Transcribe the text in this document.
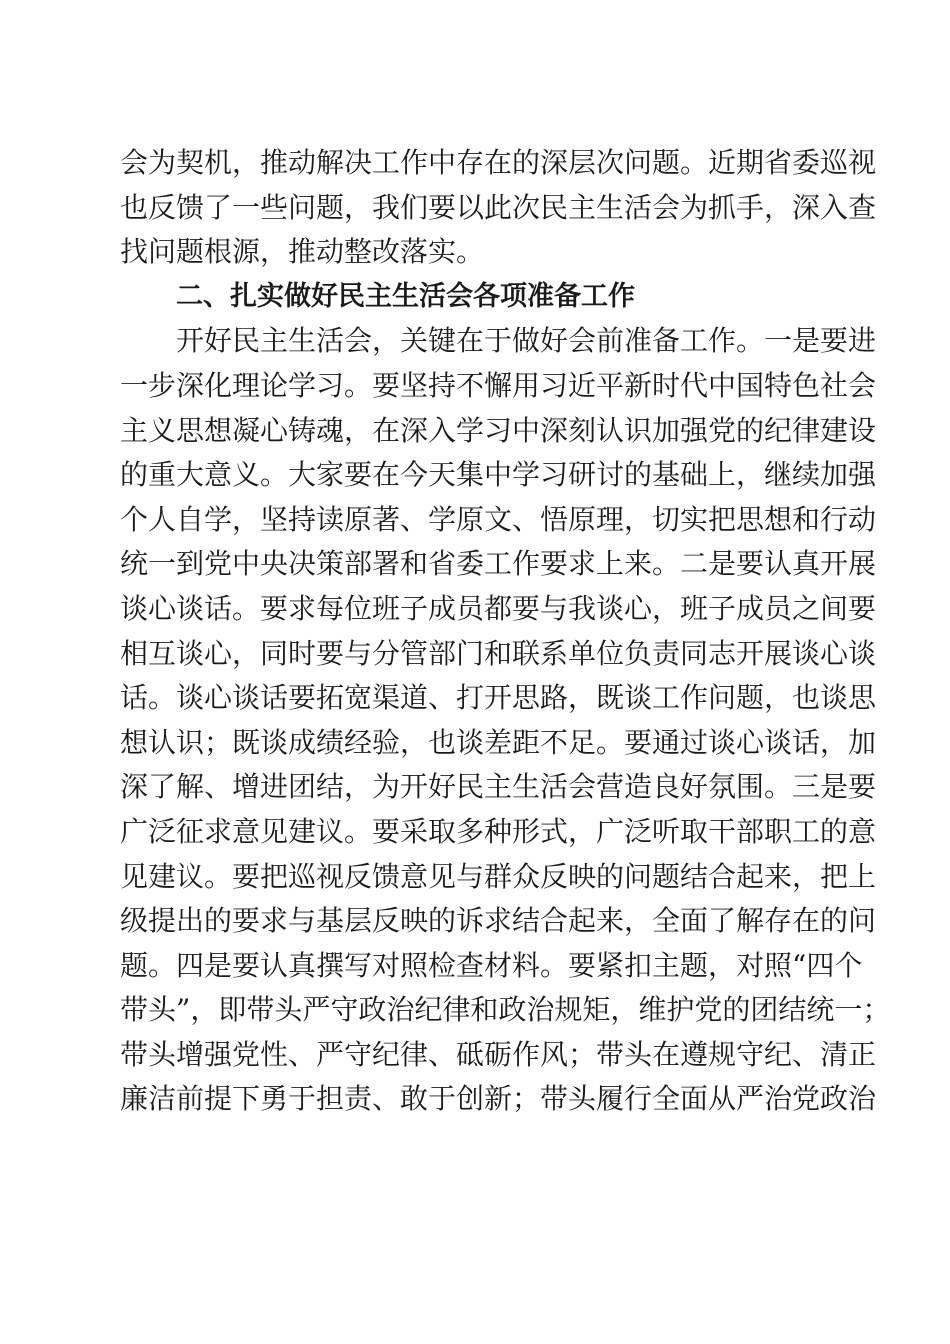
会为契机，推动解决工作中存在的深层次问题。近期省委巡视
也反馈了一些问题，我们要以此次民主生活会为抓手，深入查
找问题根源，推动整改落实。
二、扎实做好民主生活会各项准备工作
开好民主生活会，关键在于做好会前准备工作。一是要进
一步深化理论学习。要坚持不懈用习近平新时代中国特色社会
主义思想凝心铸魂，在深入学习中深刻认识加强党的纪律建设
的重大意义。大家要在今天集中学习研讨的基础上，继续加强
个人自学，坚持读原著、学原文、悟原理，切实把思想和行动
统一到党中央决策部署和省委工作要求上来。二是要认真开展
谈心谈话。要求每位班子成员都要与我谈心，班子成员之间要
相互谈心，同时要与分管部门和联系单位负责同志开展谈心谈
话。谈心谈话要拓宽渠道、打开思路，既谈工作问题，也谈思
想认识；既谈成绩经验，也谈差距不足。要通过谈心谈话，加
深了解、增进团结，为开好民主生活会营造良好氛围。三是要
广泛征求意见建议。要采取多种形式，广泛听取干部职工的意
见建议。要把巡视反馈意见与群众反映的问题结合起来，把上
级提出的要求与基层反映的诉求结合起来，全面了解存在的问
题。四是要认真撰写对照检查材料。要紧扣主题，对照“四个
带头”，即带头严守政治纪律和政治规矩，维护党的团结统一；
带头增强党性、严守纪律、砥砺作风；带头在遵规守纪、清正
廉洁前提下勇于担责、敢于创新；带头履行全面从严治党政治
